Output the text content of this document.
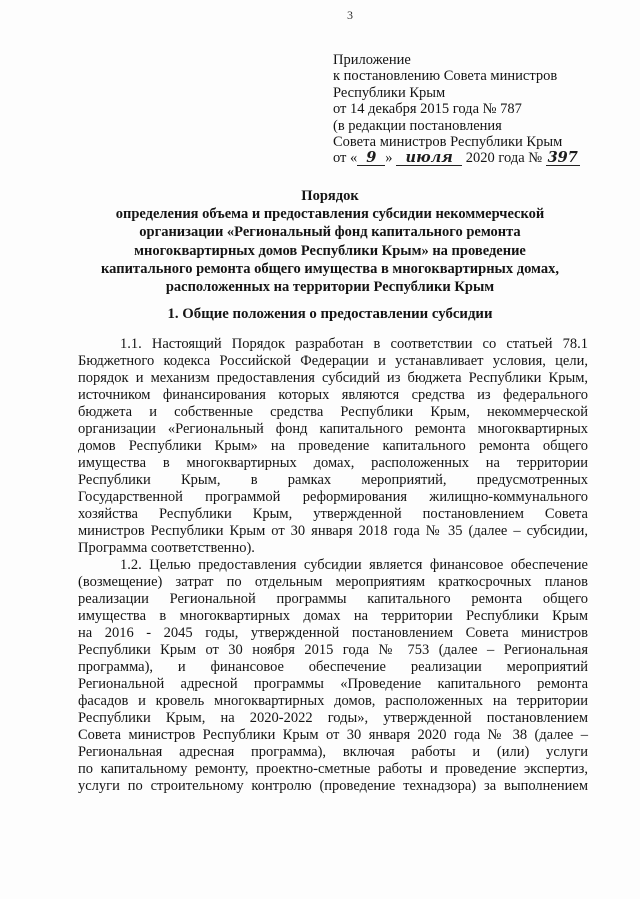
3
Приложение
к постановлению Совета министров
Республики Крым
от 14 декабря 2015 года № 787
(в редакции постановления
Совета министров Республики Крым
от « 9 » июля 2020 года № 397
Порядок
определения объема и предоставления субсидии некоммерческой
организации «Региональный фонд капитального ремонта
многоквартирных домов Республики Крым» на проведение
капитального ремонта общего имущества в многоквартирных домах,
расположенных на территории Республики Крым
1. Общие положения о предоставлении субсидии
1.1. Настоящий Порядок разработан в соответствии со статьей 78.1
Бюджетного кодекса Российской Федерации и устанавливает условия, цели,
порядок и механизм предоставления субсидий из бюджета Республики Крым,
источником финансирования которых являются средства из федерального
бюджета и собственные средства Республики Крым, некоммерческой
организации «Региональный фонд капитального ремонта многоквартирных
домов Республики Крым» на проведение капитального ремонта общего
имущества в многоквартирных домах, расположенных на территории
Республики Крым, в рамках мероприятий, предусмотренных
Государственной программой реформирования жилищно-коммунального
хозяйства Республики Крым, утвержденной постановлением Совета
министров Республики Крым от 30 января 2018 года № 35 (далее – субсидии,
Программа соответственно).
1.2. Целью предоставления субсидии является финансовое обеспечение
(возмещение) затрат по отдельным мероприятиям краткосрочных планов
реализации Региональной программы капитального ремонта общего
имущества в многоквартирных домах на территории Республики Крым
на 2016 - 2045 годы, утвержденной постановлением Совета министров
Республики Крым от 30 ноября 2015 года № 753 (далее – Региональная
программа), и финансовое обеспечение реализации мероприятий
Региональной адресной программы «Проведение капитального ремонта
фасадов и кровель многоквартирных домов, расположенных на территории
Республики Крым, на 2020-2022 годы», утвержденной постановлением
Совета министров Республики Крым от 30 января 2020 года № 38 (далее –
Региональная адресная программа), включая работы и (или) услуги
по капитальному ремонту, проектно-сметные работы и проведение экспертиз,
услуги по строительному контролю (проведение технадзора) за выполнением
